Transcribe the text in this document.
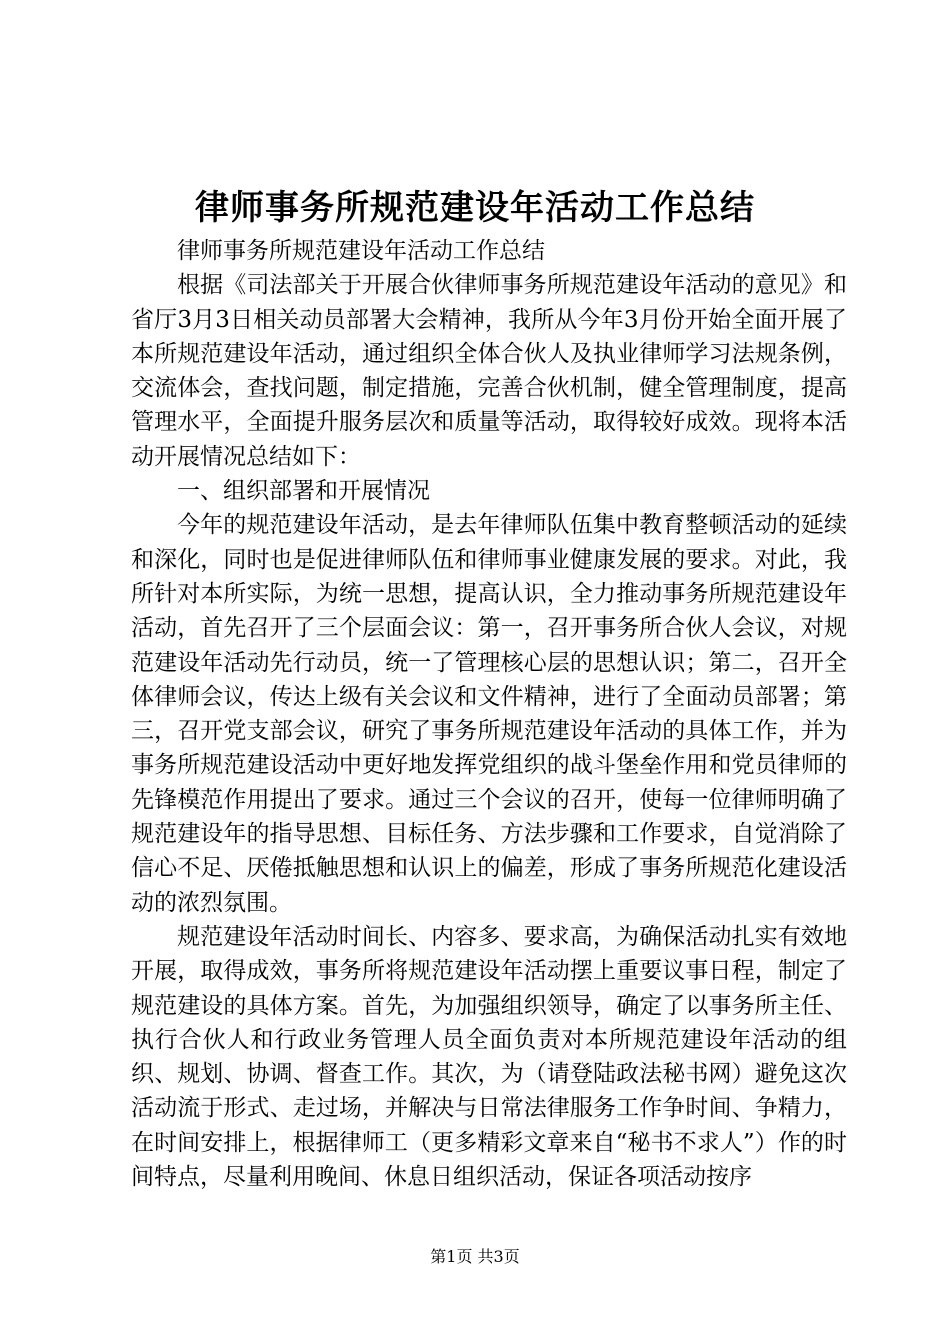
律师事务所规范建设年活动工作总结

律师事务所规范建设年活动工作总结

根据《司法部关于开展合伙律师事务所规范建设年活动的意见》和省厅3月3日相关动员部署大会精神，我所从今年3月份开始全面开展了本所规范建设年活动，通过组织全体合伙人及执业律师学习法规条例，交流体会，查找问题，制定措施，完善合伙机制，健全管理制度，提高管理水平，全面提升服务层次和质量等活动，取得较好成效。现将本活动开展情况总结如下：

一、组织部署和开展情况

今年的规范建设年活动，是去年律师队伍集中教育整顿活动的延续和深化，同时也是促进律师队伍和律师事业健康发展的要求。对此，我所针对本所实际，为统一思想，提高认识，全力推动事务所规范建设年活动，首先召开了三个层面会议：第一，召开事务所合伙人会议，对规范建设年活动先行动员，统一了管理核心层的思想认识；第二，召开全体律师会议，传达上级有关会议和文件精神，进行了全面动员部署；第三，召开党支部会议，研究了事务所规范建设年活动的具体工作，并为事务所规范建设活动中更好地发挥党组织的战斗堡垒作用和党员律师的先锋模范作用提出了要求。通过三个会议的召开，使每一位律师明确了规范建设年的指导思想、目标任务、方法步骤和工作要求，自觉消除了信心不足、厌倦抵触思想和认识上的偏差，形成了事务所规范化建设活动的浓烈氛围。

规范建设年活动时间长、内容多、要求高，为确保活动扎实有效地开展，取得成效，事务所将规范建设年活动摆上重要议事日程，制定了规范建设的具体方案。首先，为加强组织领导，确定了以事务所主任、执行合伙人和行政业务管理人员全面负责对本所规范建设年活动的组织、规划、协调、督查工作。其次，为（请登陆政法秘书网）避免这次活动流于形式、走过场，并解决与日常法律服务工作争时间、争精力，在时间安排上，根据律师工（更多精彩文章来自“秘书不求人”）作的时间特点，尽量利用晚间、休息日组织活动，保证各项活动按序

第1页 共3页
